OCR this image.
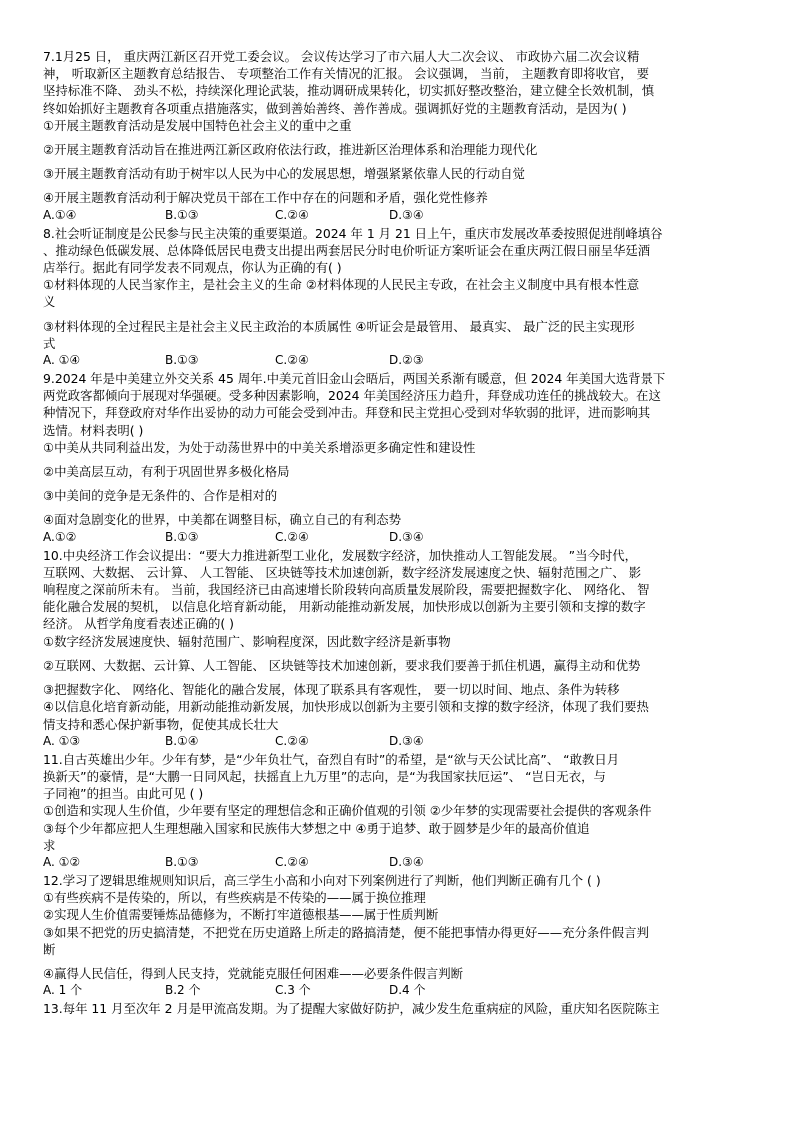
7.1月25 日， 重庆两江新区召开党工委会议。 会议传达学习了市六届人大二次会议、 市政协六届二次会议精
神， 听取新区主题教育总结报告、 专项整治工作有关情况的汇报。 会议强调， 当前， 主题教育即将收官， 要
坚持标准不降、 劲头不松，持续深化理论武装，推动调研成果转化，切实抓好整改整治，建立健全长效机制，慎
终如始抓好主题教育各项重点措施落实，做到善始善终、善作善成。强调抓好党的主题教育活动，是因为( )
①开展主题教育活动是发展中国特色社会主义的重中之重
②开展主题教育活动旨在推进两江新区政府依法行政，推进新区治理体系和治理能力现代化
③开展主题教育活动有助于树牢以人民为中心的发展思想，增强紧紧依靠人民的行动自觉
④开展主题教育活动利于解决党员干部在工作中存在的问题和矛盾，强化党性修养
A.①④	B.①③	C.②④	D.③④
8.社会听证制度是公民参与民主决策的重要渠道。2024 年 1 月 21 日上午，重庆市发展改革委按照促进削峰填谷
、推动绿色低碳发展、总体降低居民电费支出提出两套居民分时电价听证方案听证会在重庆两江假日丽呈华廷酒
店举行。据此有同学发表不同观点，你认为正确的有( )
①材料体现的人民当家作主，是社会主义的生命 ②材料体现的人民民主专政，在社会主义制度中具有根本性意
义
③材料体现的全过程民主是社会主义民主政治的本质属性 ④听证会是最管用、 最真实、 最广泛的民主实现形
式
A. ①④	B.①③	C.②④	D.②③
9.2024 年是中美建立外交关系 45 周年.中美元首旧金山会晤后，两国关系渐有暖意，但 2024 年美国大选背景下
两党政客都倾向于展现对华强硬。受多种因素影响，2024 年美国经济压力趋升，拜登成功连任的挑战较大。在这
种情况下，拜登政府对华作出妥协的动力可能会受到冲击。拜登和民主党担心受到对华软弱的批评，进而影响其
选情。材料表明( )
①中美从共同利益出发，为处于动荡世界中的中美关系增添更多确定性和建设性
②中美高层互动，有利于巩固世界多极化格局
③中美间的竞争是无条件的、合作是相对的
④面对急剧变化的世界，中美都在调整目标，确立自己的有利态势
A.①②	B.①③	C.②④	D.③④
10.中央经济工作会议提出：“要大力推进新型工业化，发展数字经济，加快推动人工智能发展。 ”当今时代，
互联网、大数据、 云计算、 人工智能、 区块链等技术加速创新，数字经济发展速度之快、辐射范围之广、 影
响程度之深前所未有。 当前，我国经济已由高速增长阶段转向高质量发展阶段，需要把握数字化、 网络化、 智
能化融合发展的契机， 以信息化培育新动能， 用新动能推动新发展，加快形成以创新为主要引领和支撑的数字
经济。 从哲学角度看表述正确的( )
①数字经济发展速度快、辐射范围广、影响程度深，因此数字经济是新事物
②互联网、大数据、云计算、人工智能、 区块链等技术加速创新，要求我们要善于抓住机遇，赢得主动和优势
③把握数字化、 网络化、智能化的融合发展，体现了联系具有客观性， 要一切以时间、地点、条件为转移
④以信息化培育新动能，用新动能推动新发展，加快形成以创新为主要引领和支撑的数字经济，体现了我们要热
情支持和悉心保护新事物，促使其成长壮大
A. ①③	B.①④	C.②④	D.③④
11.自古英雄出少年。少年有梦，是“少年负壮气，奋烈自有时”的希望，是“欲与天公试比高”、 “敢教日月
换新天”的豪情，是“大鹏一日同风起，扶摇直上九万里”的志向，是“为我国家扶厄运”、 “岂日无衣，与
子同袍”的担当。由此可见 ( )
①创造和实现人生价值，少年要有坚定的理想信念和正确价值观的引领 ②少年梦的实现需要社会提供的客观条件
③每个少年都应把人生理想融入国家和民族伟大梦想之中 ④勇于追梦、敢于圆梦是少年的最高价值追
求
A. ①②	B.①③	C.②④	D.③④
12.学习了逻辑思维规则知识后，高三学生小高和小向对下列案例进行了判断，他们判断正确有几个 ( )
①有些疾病不是传染的，所以，有些疾病是不传染的——属于换位推理
②实现人生价值需要锤炼品德修为，不断打牢道德根基——属于性质判断
③如果不把党的历史搞清楚，不把党在历史道路上所走的路搞清楚，便不能把事情办得更好——充分条件假言判
断
④赢得人民信任，得到人民支持，党就能克服任何困难——必要条件假言判断
A. 1 个	B.2 个	C.3 个	D.4 个
13.每年 11 月至次年 2 月是甲流高发期。为了提醒大家做好防护，减少发生危重病症的风险，重庆知名医院陈主
